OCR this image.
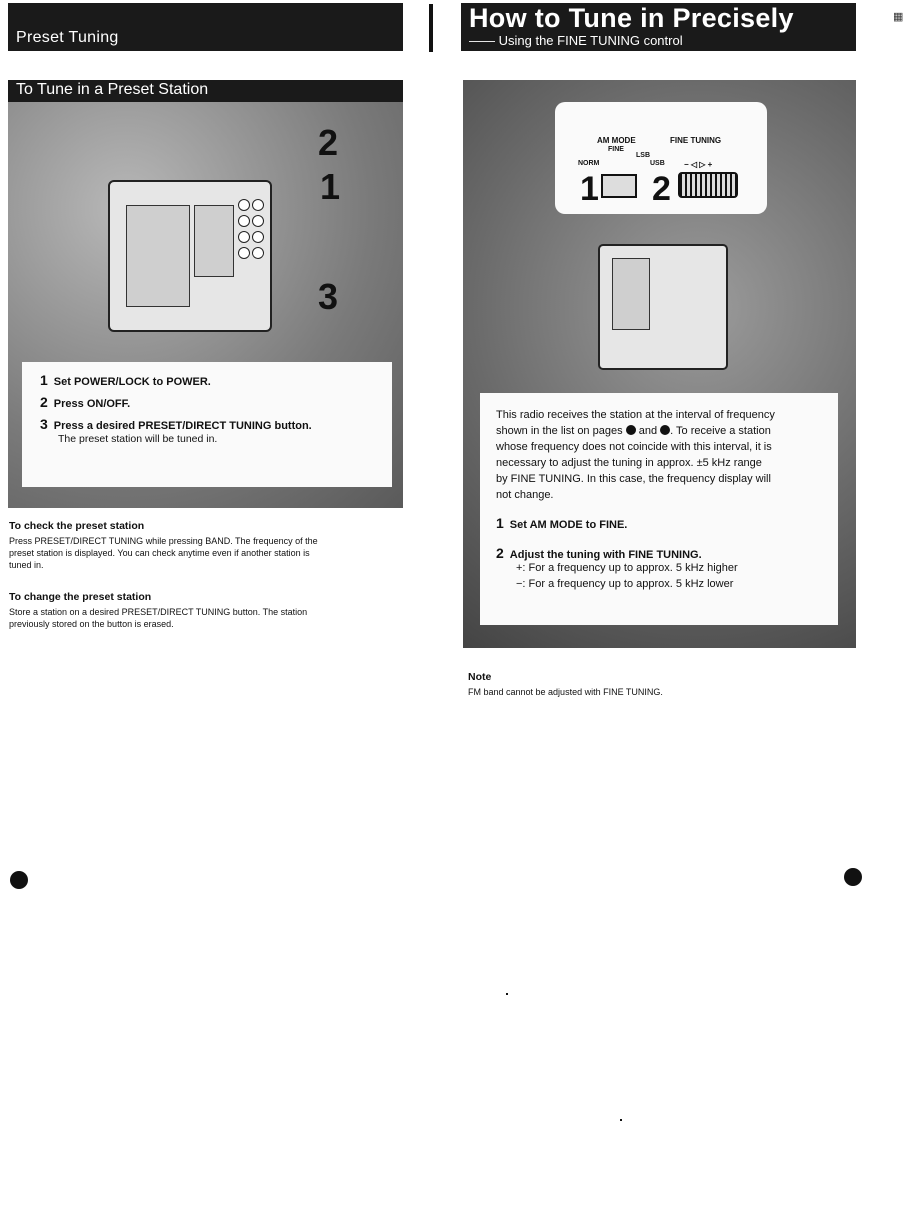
Preset Tuning
How to Tune in Precisely
—— Using the FINE TUNING control
▦
To Tune in a Preset Station
2
1
3
1 Set POWER/LOCK to POWER.
2 Press ON/OFF.
3 Press a desired PRESET/DIRECT TUNING button.
The preset station will be tuned in.
To check the preset station
Press PRESET/DIRECT TUNING while pressing BAND. The frequency of the
preset station is displayed. You can check anytime even if another station is
tuned in.
To change the preset station
Store a station on a desired PRESET/DIRECT TUNING button. The station
previously stored on the button is erased.
AM MODE	FINE TUNING
FINE
LSB
NORM	USB − ◁ ▷ +
1 2
This radio receives the station at the interval of frequency
shown in the list on pages and . To receive a station
whose frequency does not coincide with this interval, it is
necessary to adjust the tuning in approx. ±5 kHz range
by FINE TUNING. In this case, the frequency display will
not change.
1 Set AM MODE to FINE.
2 Adjust the tuning with FINE TUNING.
+: For a frequency up to approx. 5 kHz higher
−: For a frequency up to approx. 5 kHz lower
Note
FM band cannot be adjusted with FINE TUNING.
